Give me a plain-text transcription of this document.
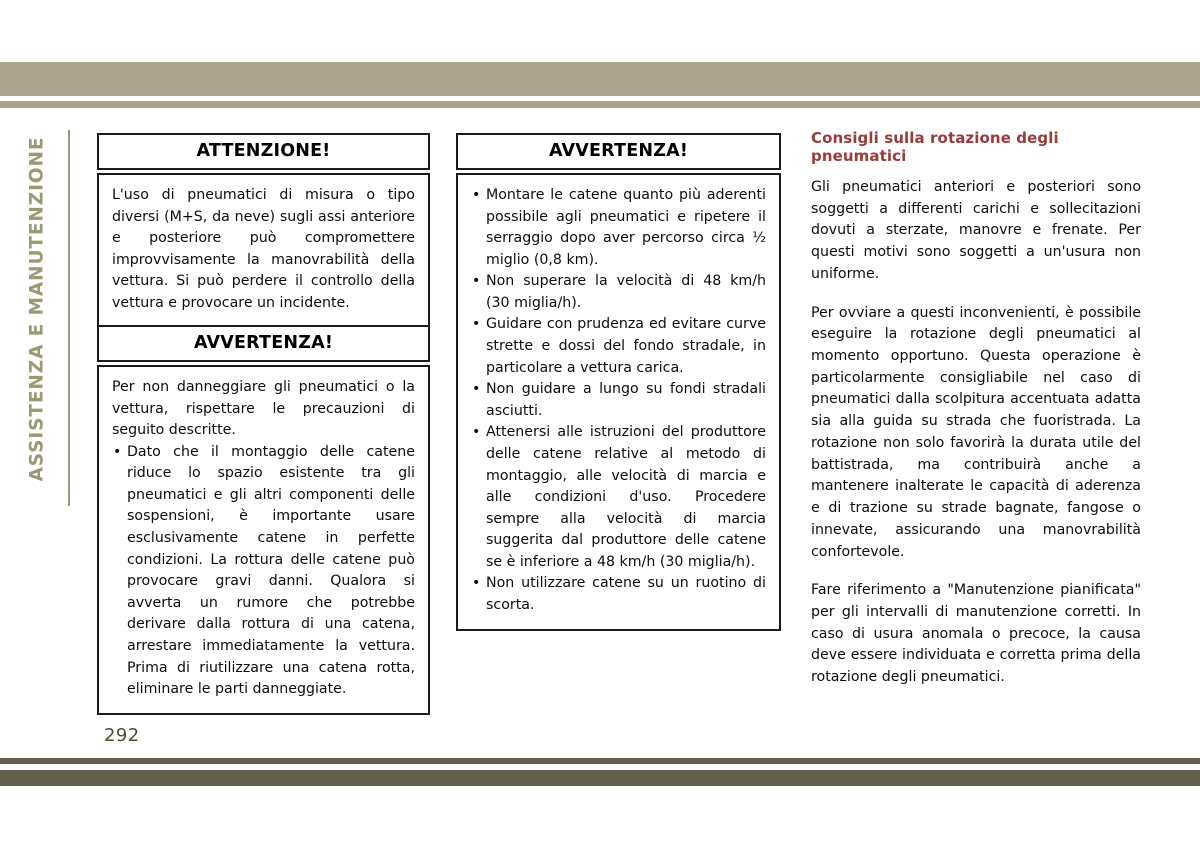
ASSISTENZA E MANUTENZIONE
292
ATTENZIONE!

L'uso di pneumatici di misura o tipo diversi (M+S, da neve) sugli assi anteriore e posteriore può compromettere improvvisamente la manovrabilità della vettura. Si può perdere il controllo della vettura e provocare un incidente.

AVVERTENZA!

Per non danneggiare gli pneumatici o la vettura, rispettare le precauzioni di seguito descritte.

• Dato che il montaggio delle catene riduce lo spazio esistente tra gli pneumatici e gli altri componenti delle sospensioni, è importante usare esclusivamente catene in perfette condizioni. La rottura delle catene può provocare gravi danni. Qualora si avverta un rumore che potrebbe derivare dalla rottura di una catena, arrestare immediatamente la vettura. Prima di riutilizzare una catena rotta, eliminare le parti danneggiate.
AVVERTENZA!
• Montare le catene quanto più aderenti possibile agli pneumatici e ripetere il serraggio dopo aver percorso circa ½ miglio (0,8 km).
• Non superare la velocità di 48 km/h (30 miglia/h).
• Guidare con prudenza ed evitare curve strette e dossi del fondo stradale, in particolare a vettura carica.
• Non guidare a lungo su fondi stradali asciutti.
• Attenersi alle istruzioni del produttore delle catene relative al metodo di montaggio, alle velocità di marcia e alle condizioni d'uso. Procedere sempre alla velocità di marcia suggerita dal produttore delle catene se è inferiore a 48 km/h (30 miglia/h).
• Non utilizzare catene su un ruotino di scorta.
Consigli sulla rotazione degli pneumatici

Gli pneumatici anteriori e posteriori sono soggetti a differenti carichi e sollecitazioni dovuti a sterzate, manovre e frenate. Per questi motivi sono soggetti a un'usura non uniforme.

Per ovviare a questi inconvenienti, è possibile eseguire la rotazione degli pneumatici al momento opportuno. Questa operazione è particolarmente consigliabile nel caso di pneumatici dalla scolpitura accentuata adatta sia alla guida su strada che fuoristrada. La rotazione non solo favorirà la durata utile del battistrada, ma contribuirà anche a mantenere inalterate le capacità di aderenza e di trazione su strade bagnate, fangose o innevate, assicurando una manovrabilità confortevole.

Fare riferimento a "Manutenzione pianificata" per gli intervalli di manutenzione corretti. In caso di usura anomala o precoce, la causa deve essere individuata e corretta prima della rotazione degli pneumatici.
